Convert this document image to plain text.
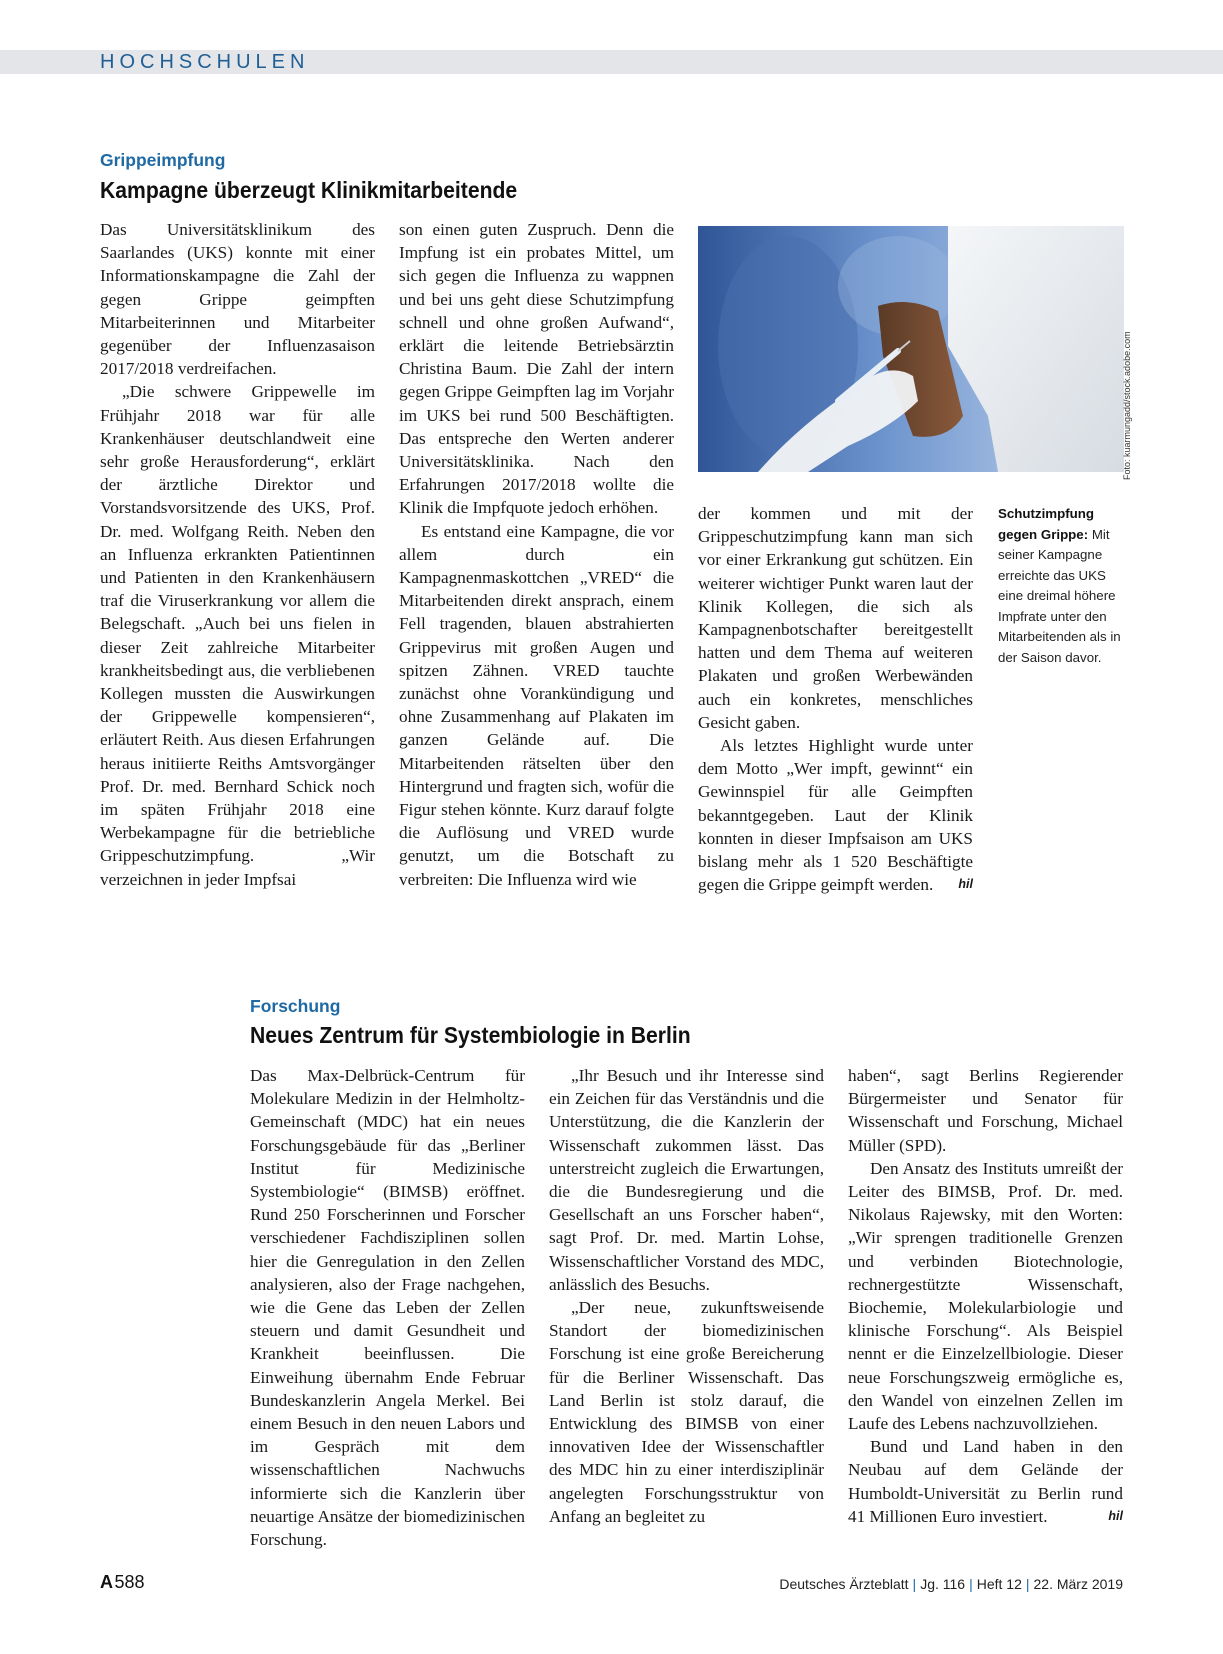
HOCHSCHULEN
Grippeimpfung
Kampagne überzeugt Klinikmitarbeitende

Das Universitätsklinikum des Saarlandes (UKS) konnte mit einer Informationskampagne die Zahl der gegen Grippe geimpften Mitarbeiterinnen und Mitarbeiter gegenüber der Influenzasaison 2017/2018 verdreifachen.

„Die schwere Grippewelle im Frühjahr 2018 war für alle Krankenhäuser deutschlandweit eine sehr große Herausforderung“, erklärt der ärztliche Direktor und Vorstandsvorsitzende des UKS, Prof. Dr. med. Wolfgang Reith. Neben den an Influenza erkrankten Patientinnen und Patienten in den Krankenhäusern traf die Viruserkrankung vor allem die Belegschaft. „Auch bei uns fielen in dieser Zeit zahlreiche Mitarbeiter krankheitsbedingt aus, die verbliebenen Kollegen mussten die Auswirkungen der Grippewelle kompensieren“, erläutert Reith. Aus diesen Erfahrungen heraus initiierte Reiths Amtsvorgänger Prof. Dr. med. Bernhard Schick noch im späten Frühjahr 2018 eine Werbekampagne für die betriebliche Grippeschutzimpfung. „Wir verzeichnen in jeder Impfsai

son einen guten Zuspruch. Denn die Impfung ist ein probates Mittel, um sich gegen die Influenza zu wappnen und bei uns geht diese Schutzimpfung schnell und ohne großen Aufwand“, erklärt die leitende Betriebsärztin Christina Baum. Die Zahl der intern gegen Grippe Geimpften lag im Vorjahr im UKS bei rund 500 Beschäftigten. Das entspreche den Werten anderer Universitätsklinika. Nach den Erfahrungen 2017/2018 wollte die Klinik die Impfquote jedoch erhöhen.

Es entstand eine Kampagne, die vor allem durch ein Kampagnenmaskottchen „VRED“ die Mitarbeitenden direkt ansprach, einem Fell tragenden, blauen abstrahierten Grippevirus mit großen Augen und spitzen Zähnen. VRED tauchte zunächst ohne Vorankündigung und ohne Zusammenhang auf Plakaten im ganzen Gelände auf. Die Mitarbeitenden rätselten über den Hintergrund und fragten sich, wofür die Figur stehen könnte. Kurz darauf folgte die Auflösung und VRED wurde genutzt, um die Botschaft zu verbreiten: Die Influenza wird wie

Foto: kuarmungadd/stock.adobe.com

der kommen und mit der Grippeschutzimpfung kann man sich vor einer Erkrankung gut schützen. Ein weiterer wichtiger Punkt waren laut der Klinik Kollegen, die sich als Kampagnenbotschafter bereitgestellt hatten und dem Thema auf weiteren Plakaten und großen Werbewänden auch ein konkretes, menschliches Gesicht gaben.

Als letztes Highlight wurde unter dem Motto „Wer impft, gewinnt“ ein Gewinnspiel für alle Geimpften bekanntgegeben. Laut der Klinik konnten in dieser Impfsaison am UKS bislang mehr als 1 520 Beschäftigte gegen die Grippe geimpft werden.	hil

Schutzimpfung gegen Grippe: Mit seiner Kampagne erreichte das UKS eine dreimal höhere Impfrate unter den Mitarbeitenden als in der Saison davor.
Forschung
Neues Zentrum für Systembiologie in Berlin

Das Max-Delbrück-Centrum für Molekulare Medizin in der Helmholtz-Gemeinschaft (MDC) hat ein neues Forschungsgebäude für das „Berliner Institut für Medizinische Systembiologie“ (BIMSB) eröffnet. Rund 250 Forscherinnen und Forscher verschiedener Fachdisziplinen sollen hier die Genregulation in den Zellen analysieren, also der Frage nachgehen, wie die Gene das Leben der Zellen steuern und damit Gesundheit und Krankheit beeinflussen. Die Einweihung übernahm Ende Februar Bundeskanzlerin Angela Merkel. Bei einem Besuch in den neuen Labors und im Gespräch mit dem wissenschaftlichen Nachwuchs informierte sich die Kanzlerin über neuartige Ansätze der biomedizinischen Forschung.

„Ihr Besuch und ihr Interesse sind ein Zeichen für das Verständnis und die Unterstützung, die die Kanzlerin der Wissenschaft zukommen lässt. Das unterstreicht zugleich die Erwartungen, die die Bundesregierung und die Gesellschaft an uns Forscher haben“, sagt Prof. Dr. med. Martin Lohse, Wissenschaftlicher Vorstand des MDC, anlässlich des Besuchs.

„Der neue, zukunftsweisende Standort der biomedizinischen Forschung ist eine große Bereicherung für die Berliner Wissenschaft. Das Land Berlin ist stolz darauf, die Entwicklung des BIMSB von einer innovativen Idee der Wissenschaftler des MDC hin zu einer interdisziplinär angelegten Forschungsstruktur von Anfang an begleitet zu

haben“, sagt Berlins Regierender Bürgermeister und Senator für Wissenschaft und Forschung, Michael Müller (SPD).

Den Ansatz des Instituts umreißt der Leiter des BIMSB, Prof. Dr. med. Nikolaus Rajewsky, mit den Worten: „Wir sprengen traditionelle Grenzen und verbinden Biotechnologie, rechnergestützte Wissenschaft, Biochemie, Molekularbiologie und klinische Forschung“. Als Beispiel nennt er die Einzelzellbiologie. Dieser neue Forschungszweig ermögliche es, den Wandel von einzelnen Zellen im Laufe des Lebens nachzuvollziehen.

Bund und Land haben in den Neubau auf dem Gelände der Humboldt-Universität zu Berlin rund 41 Millionen Euro investiert.	hil

A 588	Deutsches Ärzteblatt | Jg. 116 | Heft 12 | 22. März 2019
